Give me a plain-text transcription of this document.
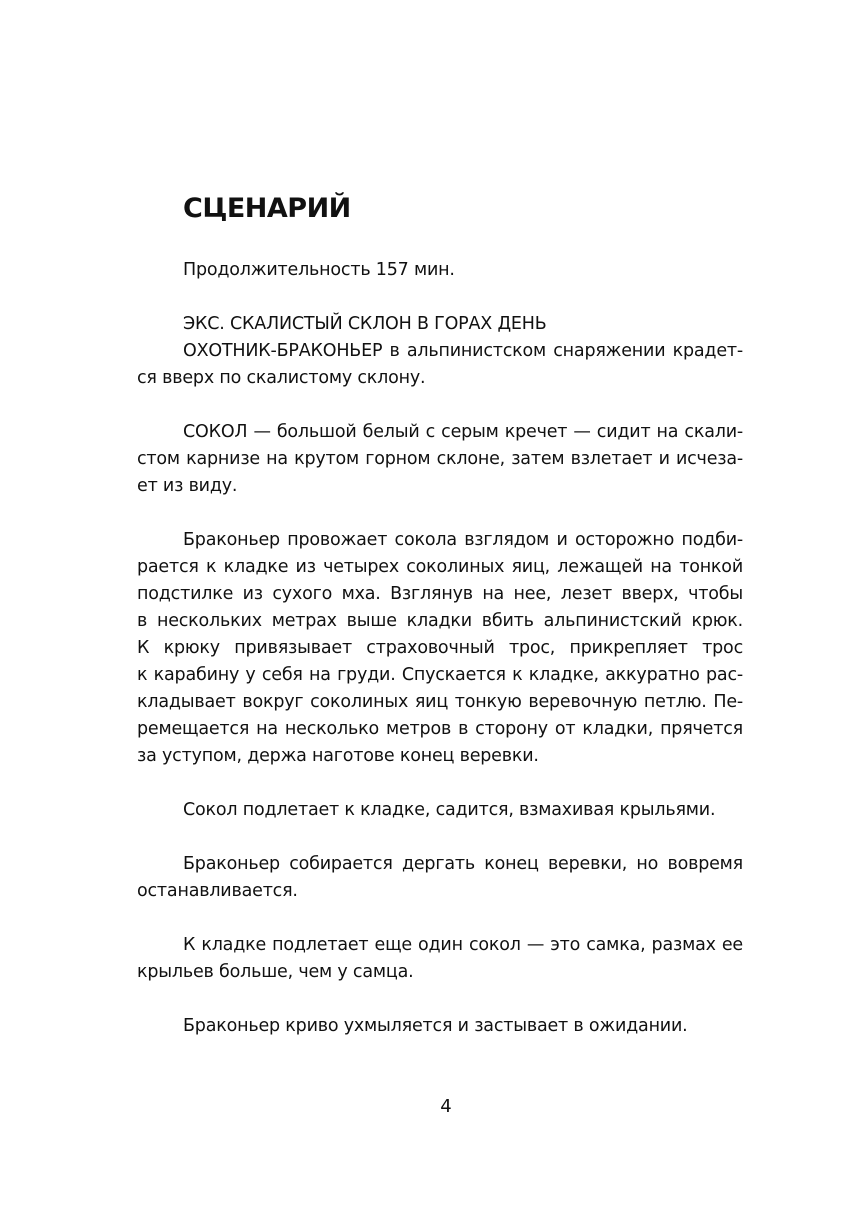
СЦЕНАРИЙ

Продолжительность 157 мин.

ЭКС. СКАЛИСТЫЙ СКЛОН В ГОРАХ ДЕНЬ

ОХОТНИК-БРАКОНЬЕР в альпинистском снаряжении крадет-

ся вверх по скалистому склону.

СОКОЛ — большой белый с серым кречет — сидит на скали-

стом карнизе на крутом горном склоне, затем взлетает и исчеза-

ет из виду.

Браконьер провожает сокола взглядом и осторожно подби-

рается к кладке из четырех соколиных яиц, лежащей на тонкой

подстилке из сухого мха. Взглянув на нее, лезет вверх, чтобы

в нескольких метрах выше кладки вбить альпинистский крюк.

К крюку привязывает страховочный трос, прикрепляет трос

к карабину у себя на груди. Спускается к кладке, аккуратно рас-

кладывает вокруг соколиных яиц тонкую веревочную петлю. Пе-

ремещается на несколько метров в сторону от кладки, прячется

за уступом, держа наготове конец веревки.

Сокол подлетает к кладке, садится, взмахивая крыльями.

Браконьер собирается дергать конец веревки, но вовремя

останавливается.

К кладке подлетает еще один сокол — это самка, размах ее

крыльев больше, чем у самца.

Браконьер криво ухмыляется и застывает в ожидании.

4
